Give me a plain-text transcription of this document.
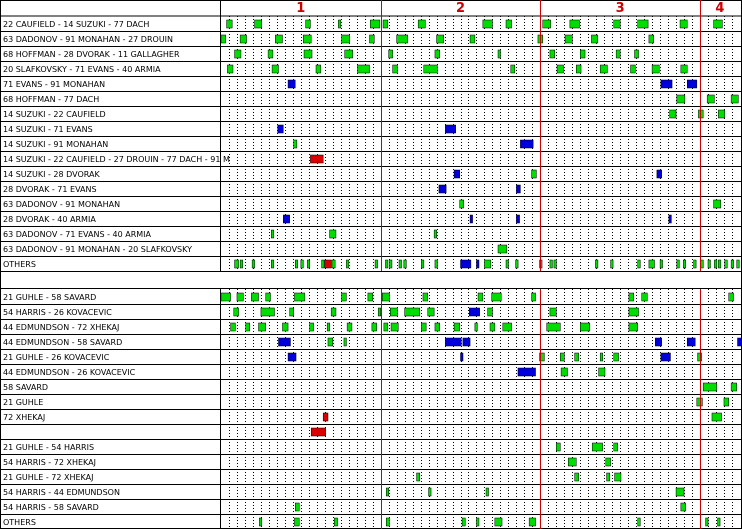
1	2	3	4
22 CAUFIELD - 14 SUZUKI - 77 DACH
63 DADONOV - 91 MONAHAN - 27 DROUIN
68 HOFFMAN - 28 DVORAK - 11 GALLAGHER
20 SLAFKOVSKY - 71 EVANS - 40 ARMIA
71 EVANS - 91 MONAHAN
68 HOFFMAN - 77 DACH
14 SUZUKI - 22 CAUFIELD
14 SUZUKI - 71 EVANS
14 SUZUKI - 91 MONAHAN
14 SUZUKI - 22 CAUFIELD - 27 DROUIN - 77 DACH - 91 M
14 SUZUKI - 28 DVORAK
28 DVORAK - 71 EVANS
63 DADONOV - 91 MONAHAN
28 DVORAK - 40 ARMIA
63 DADONOV - 71 EVANS - 40 ARMIA
63 DADONOV - 91 MONAHAN - 20 SLAFKOVSKY
OTHERS
21 GUHLE - 58 SAVARD
54 HARRIS - 26 KOVACEVIC
44 EDMUNDSON - 72 XHEKAJ
44 EDMUNDSON - 58 SAVARD
21 GUHLE - 26 KOVACEVIC
44 EDMUNDSON - 26 KOVACEVIC
58 SAVARD
21 GUHLE
72 XHEKAJ
21 GUHLE - 54 HARRIS
54 HARRIS - 72 XHEKAJ
21 GUHLE - 72 XHEKAJ
54 HARRIS - 44 EDMUNDSON
54 HARRIS - 58 SAVARD
OTHERS
